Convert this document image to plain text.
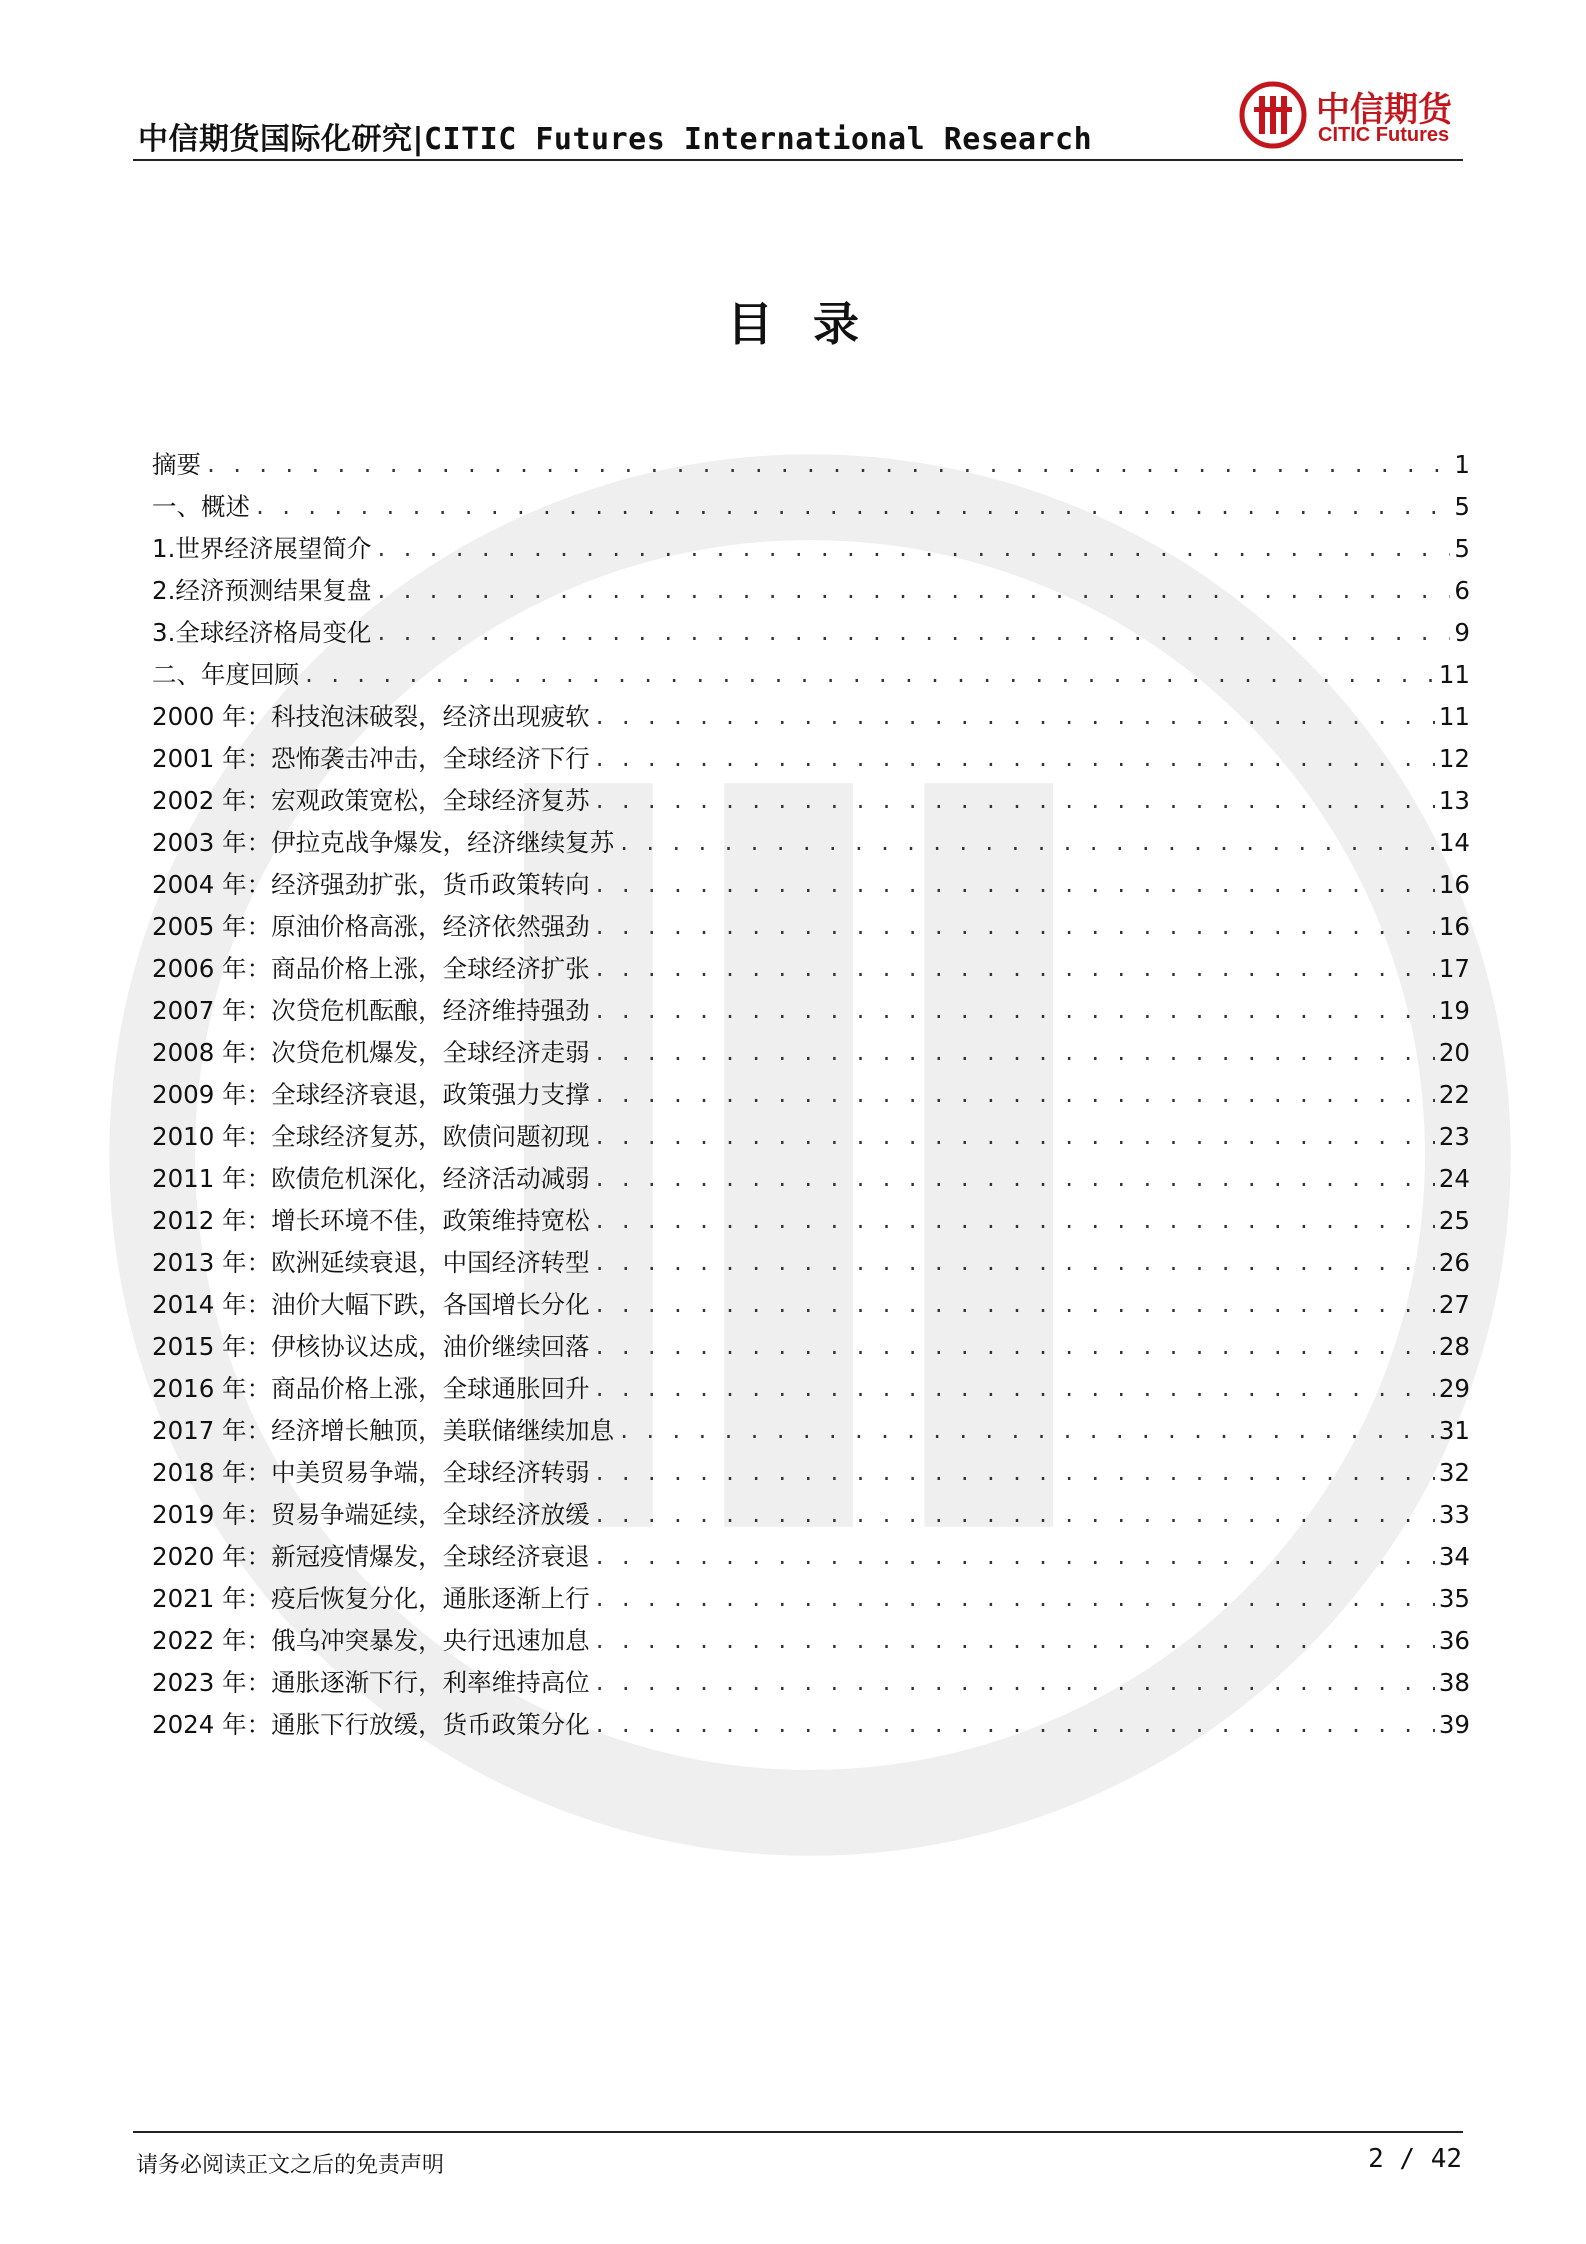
中信期货国际化研究|CITIC Futures International Research
中信期货
CITIC Futures
目录
摘要 . . .	1
一、概述 . . .	5
1.世界经济展望简介 . . .	5
2.经济预测结果复盘 . . .	6
3.全球经济格局变化 . . .	9
二、年度回顾 . . .	11
2000 年：科技泡沫破裂，经济出现疲软 . . .	11
2001 年：恐怖袭击冲击，全球经济下行 . . .	12
2002 年：宏观政策宽松，全球经济复苏 . . .	13
2003 年：伊拉克战争爆发，经济继续复苏 . . .	14
2004 年：经济强劲扩张，货币政策转向 . . .	16
2005 年：原油价格高涨，经济依然强劲 . . .	16
2006 年：商品价格上涨，全球经济扩张 . . .	17
2007 年：次贷危机酝酿，经济维持强劲 . . .	19
2008 年：次贷危机爆发，全球经济走弱 . . .	20
2009 年：全球经济衰退，政策强力支撑 . . .	22
2010 年：全球经济复苏，欧债问题初现 . . .	23
2011 年：欧债危机深化，经济活动减弱 . . .	24
2012 年：增长环境不佳，政策维持宽松 . . .	25
2013 年：欧洲延续衰退，中国经济转型 . . .	26
2014 年：油价大幅下跌，各国增长分化 . . .	27
2015 年：伊核协议达成，油价继续回落 . . .	28
2016 年：商品价格上涨，全球通胀回升 . . .	29
2017 年：经济增长触顶，美联储继续加息 . . .	31
2018 年：中美贸易争端，全球经济转弱 . . .	32
2019 年：贸易争端延续，全球经济放缓 . . .	33
2020 年：新冠疫情爆发，全球经济衰退 . . .	34
2021 年：疫后恢复分化，通胀逐渐上行 . . .	35
2022 年：俄乌冲突暴发，央行迅速加息 . . .	36
2023 年：通胀逐渐下行，利率维持高位 . . .	38
2024 年：通胀下行放缓，货币政策分化 . . .	39
请务必阅读正文之后的免责声明	2 / 42
